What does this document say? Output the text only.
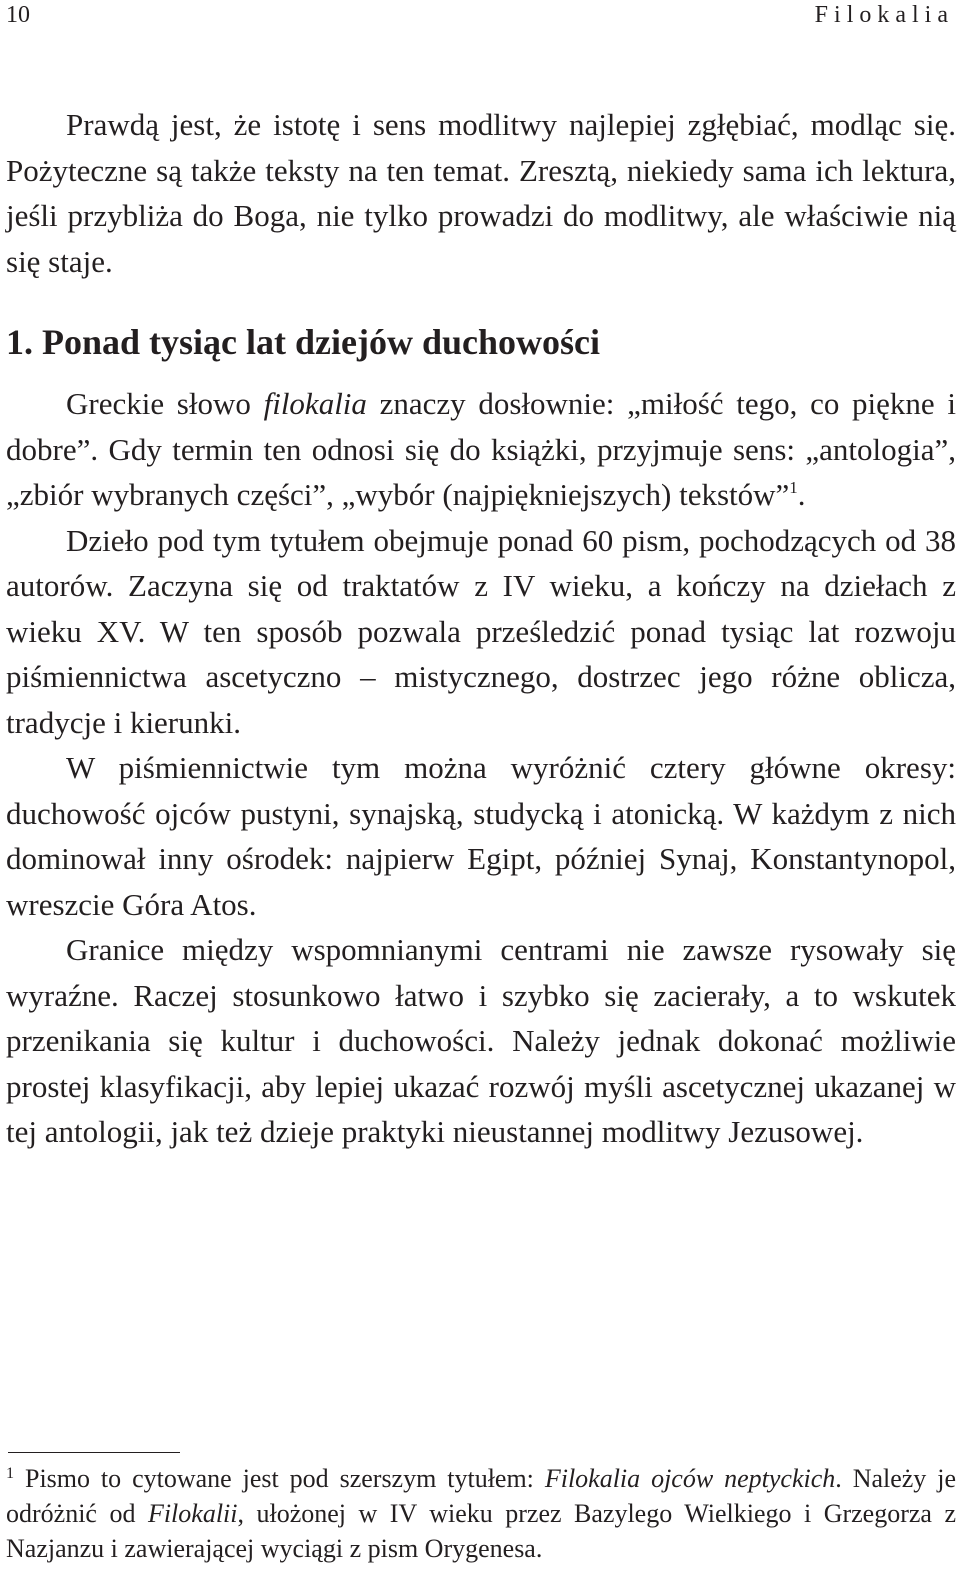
10	Filokalia

Prawdą jest, że istotę i sens modlitwy najlepiej zgłębiać, modląc się. Pożyteczne są także teksty na ten temat. Zresztą, niekiedy sama ich lektura, jeśli przybliża do Boga, nie tylko prowadzi do modlitwy, ale właściwie nią się staje.

1. Ponad tysiąc lat dziejów duchowości

Greckie słowo filokalia znaczy dosłownie: „miłość tego, co piękne i dobre”. Gdy termin ten odnosi się do książki, przyjmuje sens: „antologia”, „zbiór wybranych części”, „wybór (najpiękniejszych) tekstów”$^1$.

Dzieło pod tym tytułem obejmuje ponad 60 pism, pochodzących od 38 autorów. Zaczyna się od traktatów z IV wieku, a kończy na dziełach z wieku XV. W ten sposób pozwala prześledzić ponad tysiąc lat rozwoju piśmiennictwa ascetyczno – mistycznego, dostrzec jego różne oblicza, tradycje i kierunki.

W piśmiennictwie tym można wyróżnić cztery główne okresy: duchowość ojców pustyni, synajską, studycką i atonicką. W każdym z nich dominował inny ośrodek: najpierw Egipt, później Synaj, Konstantynopol, wreszcie Góra Atos.

Granice między wspomnianymi centrami nie zawsze rysowały się wyraźne. Raczej stosunkowo łatwo i szybko się zacierały, a to wskutek przenikania się kultur i duchowości. Należy jednak dokonać możliwie prostej klasyfikacji, aby lepiej ukazać rozwój myśli ascetycznej ukazanej w tej antologii, jak też dzieje praktyki nieustannej modlitwy Jezusowej.

$^1$ Pismo to cytowane jest pod szerszym tytułem: Filokalia ojców neptyckich. Należy je odróżnić od Filokalii, ułożonej w IV wieku przez Bazylego Wielkiego i Grzegorza z Nazjanzu i zawierającej wyciągi z pism Orygenesa.
